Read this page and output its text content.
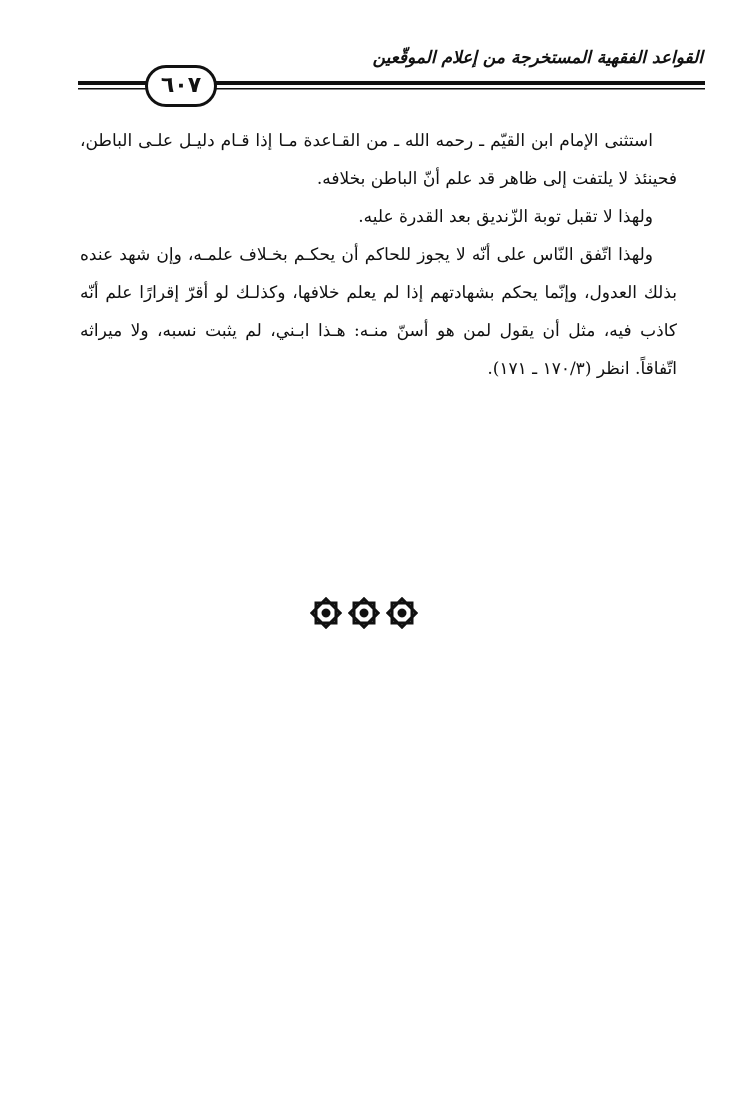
القواعد الفقهية المستخرجة من إعلام الموقّعين
٦٠٧

استثنى الإمام ابن القيّم ـ رحمه الله ـ من القـاعدة مـا إذا قـام دليـل علـى الباطن، فحينئذ لا يلتفت إلى ظاهر قد علم أنّ الباطن بخلافه.

ولهذا لا تقبل توبة الزّنديق بعد القدرة عليه.

ولهذا اتّفق النّاس على أنّه لا يجوز للحاكم أن يحكـم بخـلاف علمـه، وإن شهد عنده بذلك العدول، وإنّما يحكم بشهادتهم إذا لم يعلم خلافها، وكذلـك لو أقرّ إقرارًا علم أنّه كاذب فيه، مثل أن يقول لمن هو أسنّ منـه: هـذا ابـني، لم يثبت نسبه، ولا ميراثه اتّفاقاً. انظر (١٧٠/٣ ـ ١٧١).
